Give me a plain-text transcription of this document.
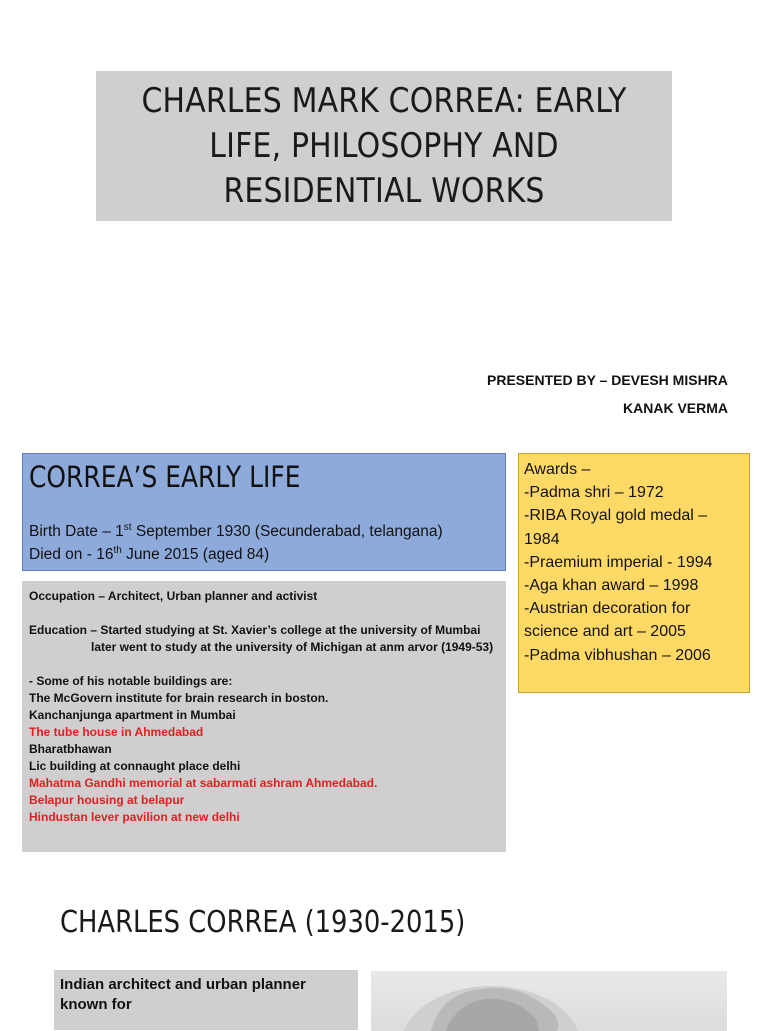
CHARLES MARK CORREA: EARLY LIFE, PHILOSOPHY AND RESIDENTIAL WORKS
PRESENTED BY – DEVESH MISHRA
KANAK VERMA
CORREA’S EARLY LIFE
Birth Date – 1st September 1930 (Secunderabad, telangana)
Died on - 16th June 2015 (aged 84)
Awards –
-Padma shri – 1972
-RIBA Royal gold medal – 1984
-Praemium imperial - 1994
-Aga khan award – 1998
-Austrian decoration for science and art – 2005
-Padma vibhushan – 2006
Occupation – Architect, Urban planner and activist
Education – Started studying at St. Xavier’s college at the university of Mumbai
later went to study at the university of Michigan at anm arvor (1949-53)
- Some of his notable buildings are:
The McGovern institute for brain research in boston.
Kanchanjunga apartment in Mumbai
The tube house in Ahmedabad
Bharatbhawan
Lic building at connaught place delhi
Mahatma Gandhi memorial at sabarmati ashram Ahmedabad.
Belapur housing at belapur
Hindustan lever pavilion at new delhi
CHARLES CORREA (1930-2015)
Indian architect and urban planner known for
